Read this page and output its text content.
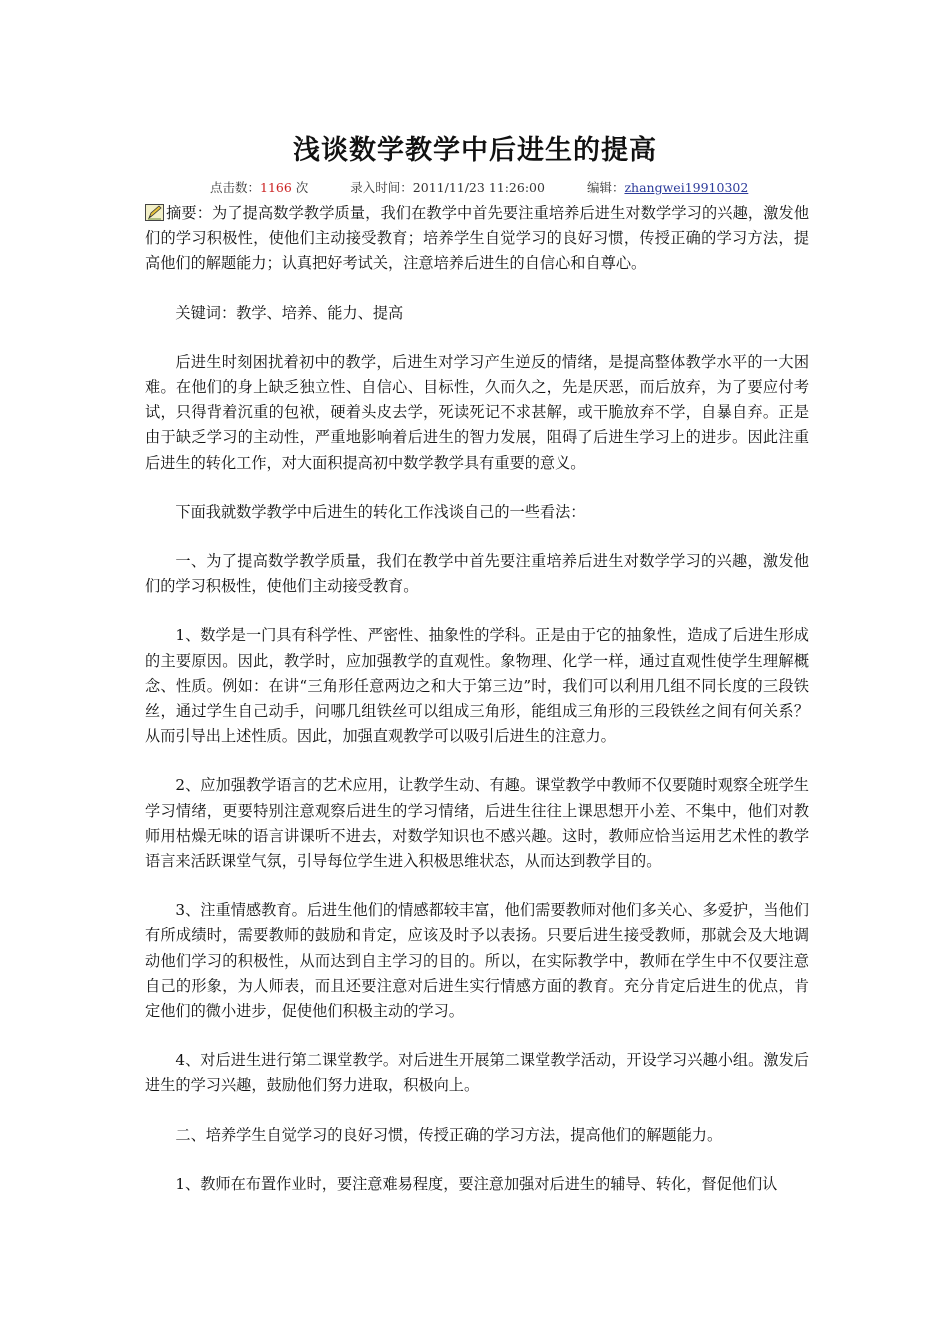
浅谈数学教学中后进生的提高
点击数：1166 次	录入时间：2011/11/23 11:26:00	编辑：zhangwei19910302

摘要：为了提高数学教学质量，我们在教学中首先要注重培养后进生对数学学习的兴趣，激发他们的学习积极性，使他们主动接受教育；培养学生自觉学习的良好习惯，传授正确的学习方法，提高他们的解题能力；认真把好考试关，注意培养后进生的自信心和自尊心。

关键词：教学、培养、能力、提高

后进生时刻困扰着初中的教学，后进生对学习产生逆反的情绪，是提高整体教学水平的一大困难。在他们的身上缺乏独立性、自信心、目标性，久而久之，先是厌恶，而后放弃，为了要应付考试，只得背着沉重的包袱，硬着头皮去学，死读死记不求甚解，或干脆放弃不学，自暴自弃。正是由于缺乏学习的主动性，严重地影响着后进生的智力发展，阻碍了后进生学习上的进步。因此注重后进生的转化工作，对大面积提高初中数学教学具有重要的意义。

下面我就数学教学中后进生的转化工作浅谈自己的一些看法：

一、为了提高数学教学质量，我们在教学中首先要注重培养后进生对数学学习的兴趣，激发他们的学习积极性，使他们主动接受教育。

1、数学是一门具有科学性、严密性、抽象性的学科。正是由于它的抽象性，造成了后进生形成的主要原因。因此，教学时，应加强教学的直观性。象物理、化学一样，通过直观性使学生理解概念、性质。例如：在讲“三角形任意两边之和大于第三边”时，我们可以利用几组不同长度的三段铁丝，通过学生自己动手，问哪几组铁丝可以组成三角形，能组成三角形的三段铁丝之间有何关系？从而引导出上述性质。因此，加强直观教学可以吸引后进生的注意力。

2、应加强教学语言的艺术应用，让教学生动、有趣。课堂教学中教师不仅要随时观察全班学生学习情绪，更要特别注意观察后进生的学习情绪，后进生往往上课思想开小差、不集中，他们对教师用枯燥无味的语言讲课听不进去，对数学知识也不感兴趣。这时，教师应恰当运用艺术性的教学语言来活跃课堂气氛，引导每位学生进入积极思维状态，从而达到教学目的。

3、注重情感教育。后进生他们的情感都较丰富，他们需要教师对他们多关心、多爱护，当他们有所成绩时，需要教师的鼓励和肯定，应该及时予以表扬。只要后进生接受教师，那就会及大地调动他们学习的积极性，从而达到自主学习的目的。所以，在实际教学中，教师在学生中不仅要注意自己的形象，为人师表，而且还要注意对后进生实行情感方面的教育。充分肯定后进生的优点，肯定他们的微小进步，促使他们积极主动的学习。

4、对后进生进行第二课堂教学。对后进生开展第二课堂教学活动，开设学习兴趣小组。激发后进生的学习兴趣，鼓励他们努力进取，积极向上。

二、培养学生自觉学习的良好习惯，传授正确的学习方法，提高他们的解题能力。

1、教师在布置作业时，要注意难易程度，要注意加强对后进生的辅导、转化，督促他们认
